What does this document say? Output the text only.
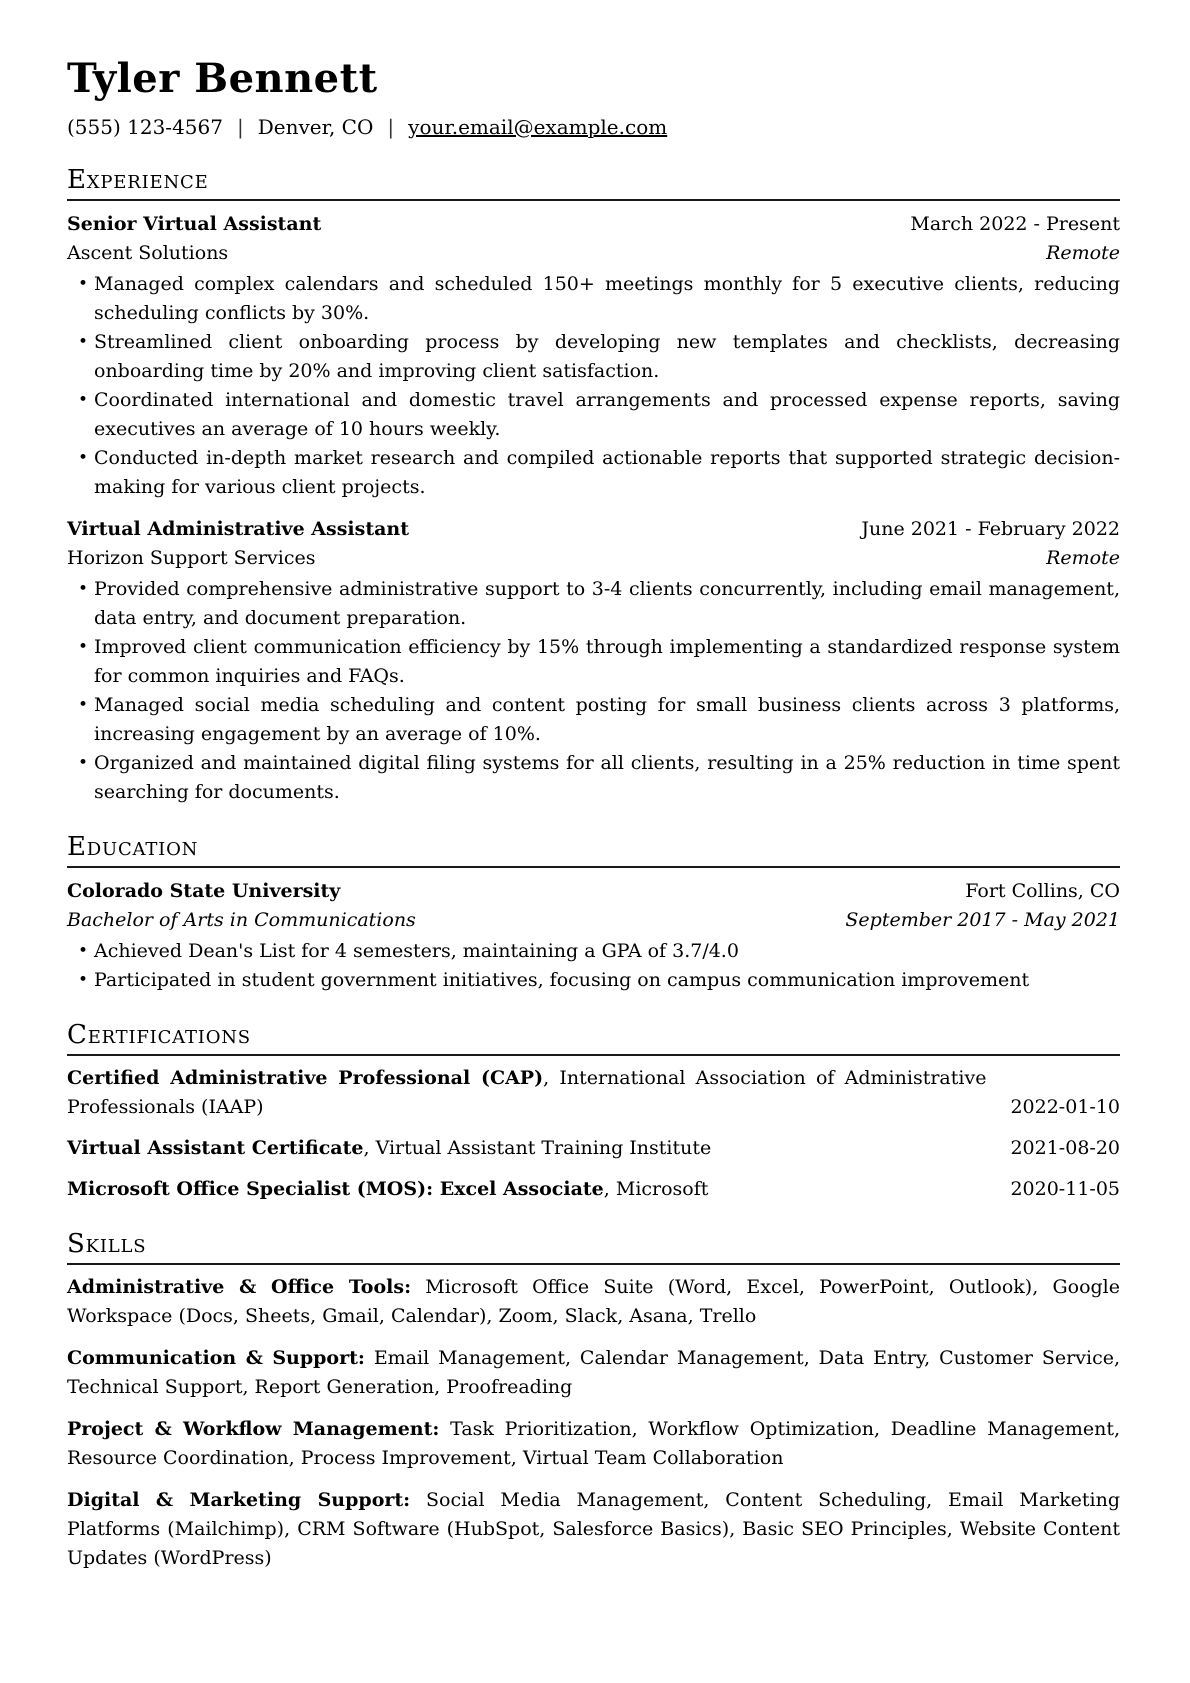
Tyler Bennett
(555) 123-4567 | Denver, CO | your.email@example.com
Experience
Senior Virtual Assistant	March 2022 - Present
Ascent Solutions	Remote
• Managed complex calendars and scheduled 150+ meetings monthly for 5 executive clients, reducing scheduling conflicts by 30%.
• Streamlined client onboarding process by developing new templates and checklists, decreasing onboarding time by 20% and improving client satisfaction.
• Coordinated international and domestic travel arrangements and processed expense reports, saving executives an average of 10 hours weekly.
• Conducted in-depth market research and compiled actionable reports that supported strategic decision-making for various client projects.
Virtual Administrative Assistant	June 2021 - February 2022
Horizon Support Services	Remote
• Provided comprehensive administrative support to 3-4 clients concurrently, including email management, data entry, and document preparation.
• Improved client communication efficiency by 15% through implementing a standardized response system for common inquiries and FAQs.
• Managed social media scheduling and content posting for small business clients across 3 platforms, increasing engagement by an average of 10%.
• Organized and maintained digital filing systems for all clients, resulting in a 25% reduction in time spent searching for documents.
Education
Colorado State University	Fort Collins, CO
Bachelor of Arts in Communications	September 2017 - May 2021
• Achieved Dean's List for 4 semesters, maintaining a GPA of 3.7/4.0
• Participated in student government initiatives, focusing on campus communication improvement
Certifications
Certified Administrative Professional (CAP), International Association of Administrative Professionals (IAAP)	2022-01-10
Virtual Assistant Certificate, Virtual Assistant Training Institute	2021-08-20
Microsoft Office Specialist (MOS): Excel Associate, Microsoft	2020-11-05
Skills

Administrative & Office Tools: Microsoft Office Suite (Word, Excel, PowerPoint, Outlook), Google Workspace (Docs, Sheets, Gmail, Calendar), Zoom, Slack, Asana, Trello

Communication & Support: Email Management, Calendar Management, Data Entry, Customer Service, Technical Support, Report Generation, Proofreading

Project & Workflow Management: Task Prioritization, Workflow Optimization, Deadline Management, Resource Coordination, Process Improvement, Virtual Team Collaboration

Digital & Marketing Support: Social Media Management, Content Scheduling, Email Marketing Platforms (Mailchimp), CRM Software (HubSpot, Salesforce Basics), Basic SEO Principles, Website Content Updates (WordPress)
